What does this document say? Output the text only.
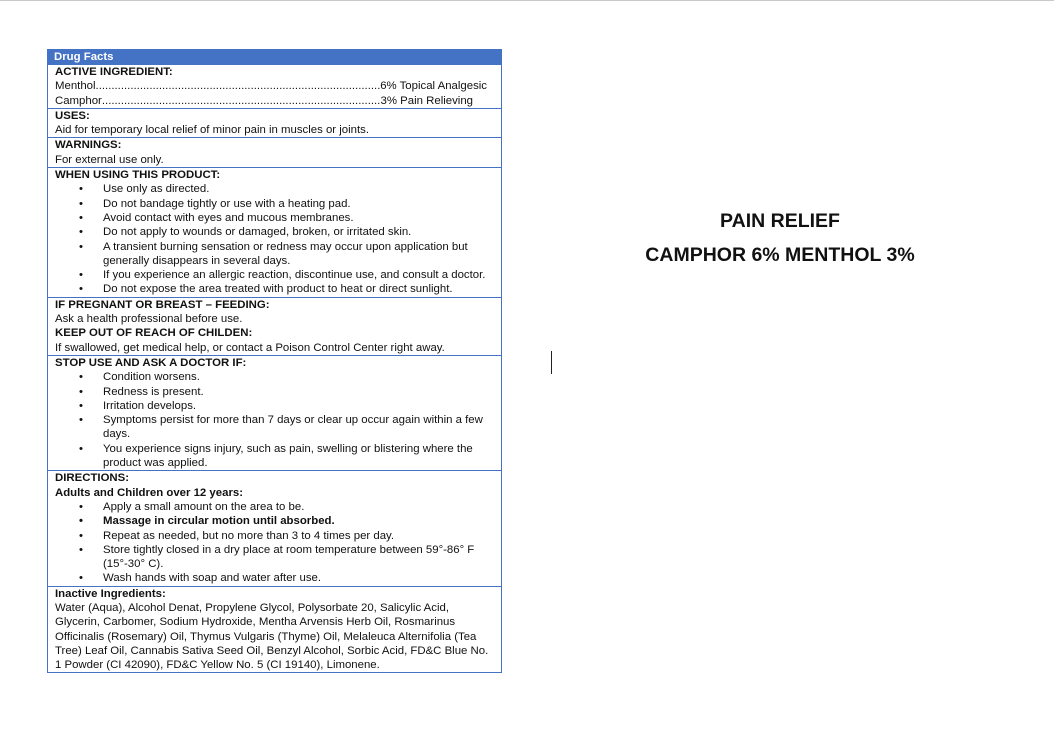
Drug Facts
ACTIVE INGREDIENT:
Menthol .....	6% Topical Analgesic
Camphor .....	3% Pain Relieving
USES:
Aid for temporary local relief of minor pain in muscles or joints.
WARNINGS:
For external use only.
WHEN USING THIS PRODUCT:
• Use only as directed.
• Do not bandage tightly or use with a heating pad.
• Avoid contact with eyes and mucous membranes.
• Do not apply to wounds or damaged, broken, or irritated skin.
• A transient burning sensation or redness may occur upon application but generally disappears in several days.
• If you experience an allergic reaction, discontinue use, and consult a doctor.
• Do not expose the area treated with product to heat or direct sunlight.
IF PREGNANT OR BREAST – FEEDING:
Ask a health professional before use.
KEEP OUT OF REACH OF CHILDEN:
If swallowed, get medical help, or contact a Poison Control Center right away.
STOP USE AND ASK A DOCTOR IF:
• Condition worsens.
• Redness is present.
• Irritation develops.
• Symptoms persist for more than 7 days or clear up occur again within a few days.
• You experience signs injury, such as pain, swelling or blistering where the product was applied.
DIRECTIONS:
Adults and Children over 12 years:
• Apply a small amount on the area to be.
• Massage in circular motion until absorbed.
• Repeat as needed, but no more than 3 to 4 times per day.
• Store tightly closed in a dry place at room temperature between 59°-86° F (15°-30° C).
• Wash hands with soap and water after use.
Inactive Ingredients:
Water (Aqua), Alcohol Denat, Propylene Glycol, Polysorbate 20, Salicylic Acid, Glycerin, Carbomer, Sodium Hydroxide, Mentha Arvensis Herb Oil, Rosmarinus Officinalis (Rosemary) Oil, Thymus Vulgaris (Thyme) Oil, Melaleuca Alternifolia (Tea Tree) Leaf Oil, Cannabis Sativa Seed Oil, Benzyl Alcohol, Sorbic Acid, FD&C Blue No. 1 Powder (CI 42090), FD&C Yellow No. 5 (CI 19140), Limonene.
PAIN RELIEF
CAMPHOR 6% MENTHOL 3%
